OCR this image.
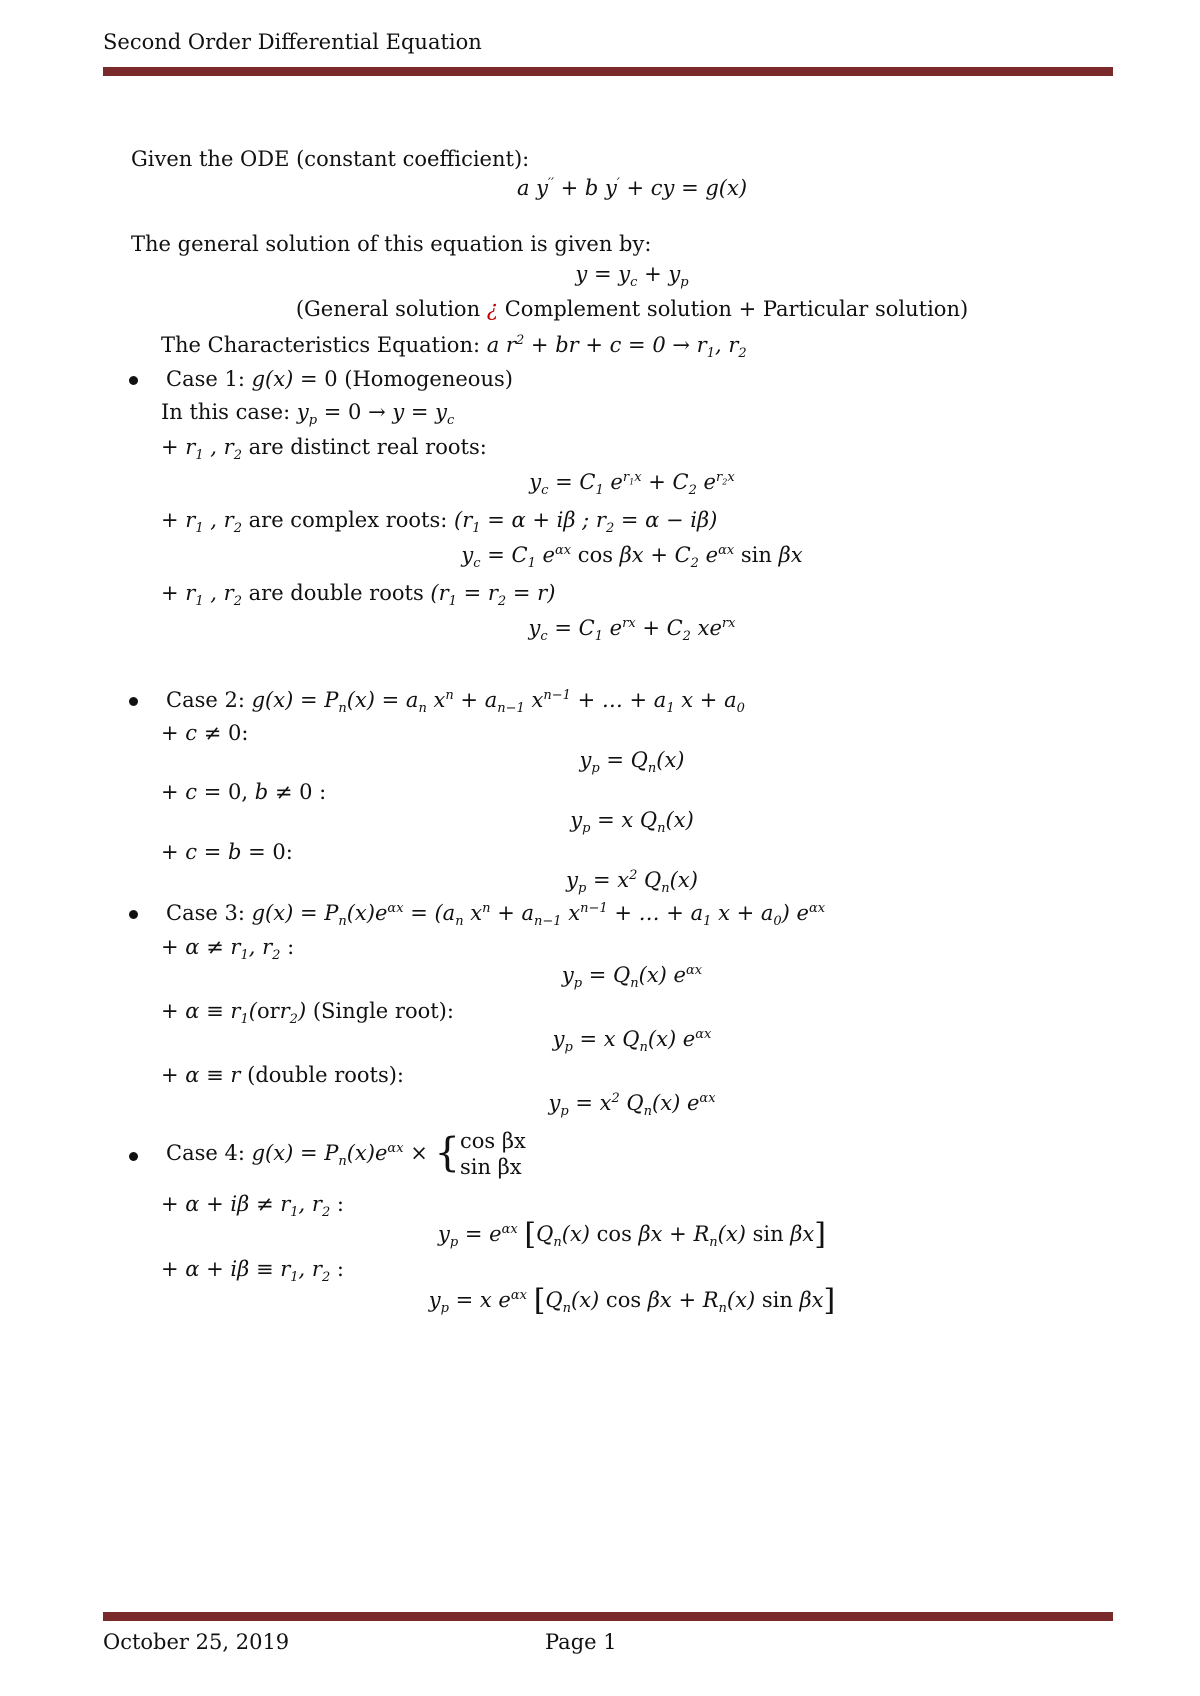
Second Order Differential Equation
Given the ODE (constant coefficient):
a y′′ + b y′ + cy = g(x)
The general solution of this equation is given by:
$y = y_c + y_p$
(General solution ¿ Complement solution + Particular solution)
The Characteristics Equation: a $r^2$ + br + $c = 0 \to r_1$, $r_2$
Case 1: g(x) = 0 (Homogeneous)
In this case: $y_p = 0 \to y = y_c$
+ $r_1$ , $r_2$ are distinct real roots:
$y_c = C_1$ $e^{r_1x} + C_2$ $e^{r_2x}$
+ $r_1$ , $r_2$ are complex roots: ($r_1 = \alpha + i\beta$ ; $r_2 = \alpha - i\beta$)
$y_c = C_1$ $e^{\alpha x}$ $\cos \beta x + C_2$ $e^{\alpha x}$ sin βx
+ $r_1$ , $r_2$ are double roots $(r_1 = r_2 = r)$
$y_c = C_1$ $e^{rx} + C_2$ $xe^{rx}$
Case 2: $g(x) = P_n(x) = a_n$ $x^n + a_{n-1}$ $x^{n-1}$ + … + $a_1$ $x + a_0$
+ c ≠ 0:
$y_p = Q_n(x)$
+ c = 0, b ≠ 0 :
$y_p = x$ $Q_n(x)$
+ c = b = 0:
$y_p = x^2$ $Q_n(x)$
Case 3: $g(x) = P_n(x)e^{\alpha x} = (a_n$ $x^n + a_{n-1}$ $x^{n-1}$ + … + $a_1$ $x + a_0$) $e^{\alpha x}$
+ $\alpha \ne r_1$, $r_2$ :
$y_p = Q_n(x)$ $e^{\alpha x}$
+ $\alpha \equiv r_1(orr_2)$ (Single root):
$y_p = x$ $Q_n(x)$ $e^{\alpha x}$
+ α ≡ r (double roots):
$y_p = x^2$ $Q_n(x)$ $e^{\alpha x}$
Case 4: $g(x) = P_n(x)e^{\alpha x} \times \{\cos$ βx
sin βx
+ $\alpha + i\beta \ne r_1$, $r_2$ :
$y_p = e^{\alpha x}$ [$Q_n(x)$ $\cos \beta x + R_n(x)$ sin βx]
+ $\alpha + i\beta \equiv r_1$, $r_2$ :
$y_p = x$ $e^{\alpha x}$ [$Q_n(x)$ $\cos \beta x + R_n(x)$ sin βx]
October 25, 2019	Page 1
